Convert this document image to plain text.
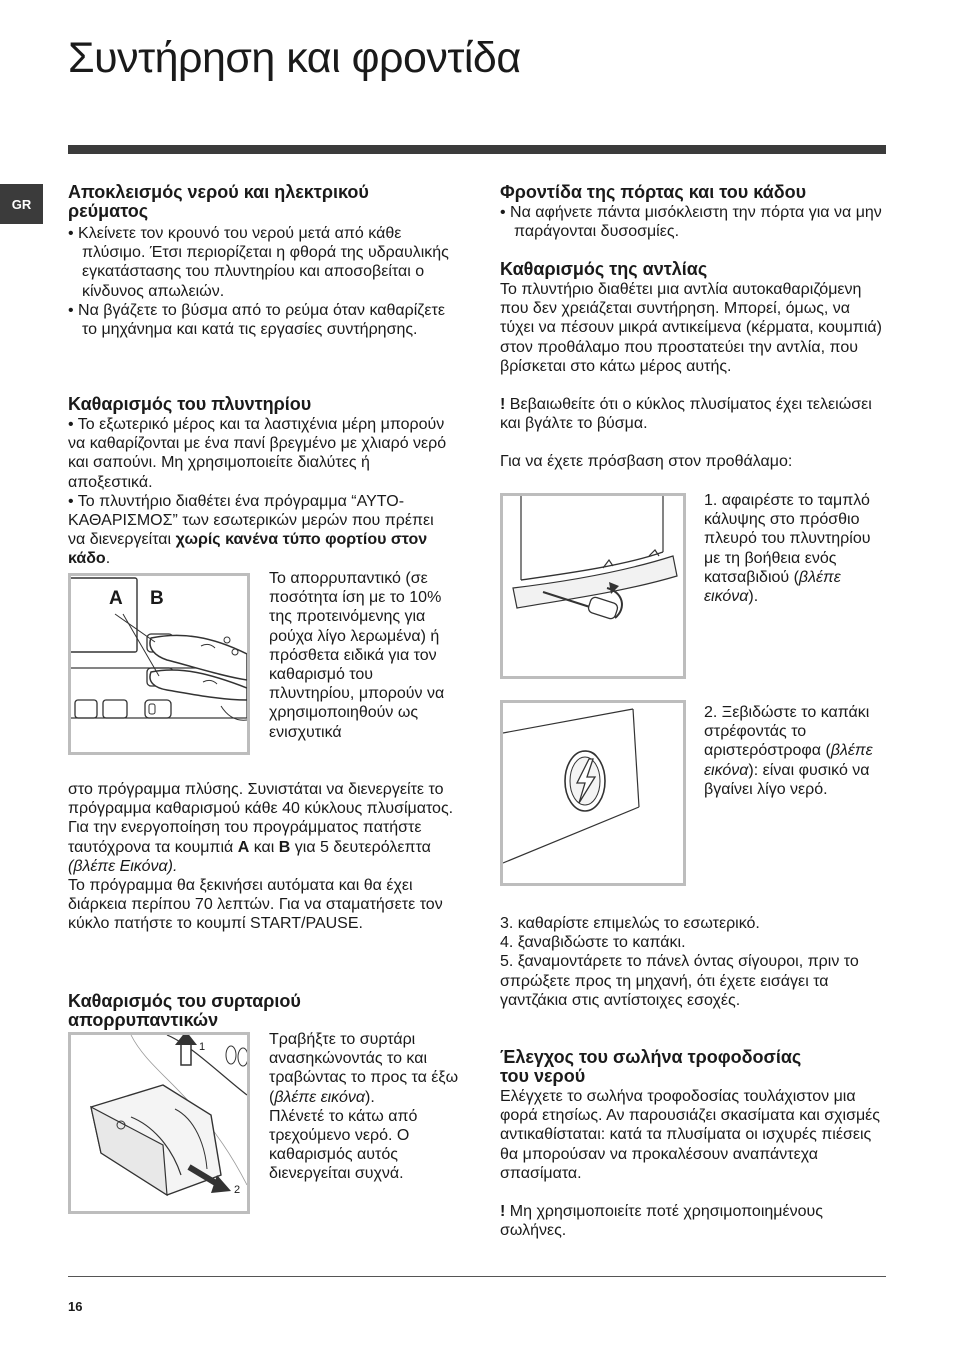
Συντήρηση και φροντίδα
GR

Αποκλεισμός νερού και ηλεκτρικού
ρεύματος

• Κλείνετε τον κρουνό του νερού μετά από κάθε πλύσιμο. Έτσι περιορίζεται η φθορά της υδραυλικής εγκατάστασης του πλυντηρίου και αποσοβείται ο κίνδυνος απωλειών.

• Να βγάζετε το βύσμα από το ρεύμα όταν καθαρίζετε το μηχάνημα και κατά τις εργασίες συντήρησης.

Καθαρισμός του πλυντηρίου

• Το εξωτερικό μέρος και τα λαστιχένια μέρη μπορούν να καθαρίζονται με ένα πανί βρεγμένο με χλιαρό νερό και σαπούνι. Μη χρησιμοποιείτε διαλύτες ή αποξεστικά.

• Το πλυντήριο διαθέτει ένα πρόγραμμα “ΑΥΤΟ-ΚΑΘΑΡΙΣΜΟΣ” των εσωτερικών μερών που πρέπει να διενεργείται χωρίς κανένα τύπο φορτίου στον κάδο.

A B

Το απορρυπαντικό (σε ποσότητα ίση με το 10% της προτεινόμενης για ρούχα λίγο λερωμένα) ή πρόσθετα ειδικά για τον καθαρισμό του πλυντηρίου, μπορούν να χρησιμοποιηθούν ως ενισχυτικά

στο πρόγραμμα πλύσης. Συνιστάται να διενεργείτε το πρόγραμμα καθαρισμού κάθε 40 κύκλους πλυσίματος.

Για την ενεργοποίηση του προγράμματος πατήστε ταυτόχρονα τα κουμπιά A και B για 5 δευτερόλεπτα (βλέπε Εικόνα).

Το πρόγραμμα θα ξεκινήσει αυτόματα και θα έχει διάρκεια περίπου 70 λεπτών. Για να σταματήσετε τον κύκλο πατήστε το κουμπί START/PAUSE.

Καθαρισμός του συρταριού
απορρυπαντικών

1
2

Τραβήξτε το συρτάρι ανασηκώνοντάς το και τραβώντας το προς τα έξω (βλέπε εικόνα).

Πλένετέ το κάτω από τρεχούμενο νερό. Ο καθαρισμός αυτός διενεργείται συχνά.

Φροντίδα της πόρτας και του κάδου

• Να αφήνετε πάντα μισόκλειστη την πόρτα για να μην παράγονται δυσοσμίες.

Καθαρισμός της αντλίας

Το πλυντήριο διαθέτει μια αντλία αυτοκαθαριζόμενη που δεν χρειάζεται συντήρηση. Μπορεί, όμως, να τύχει να πέσουν μικρά αντικείμενα (κέρματα, κουμπιά) στον προθάλαμο που προστατεύει την αντλία, που βρίσκεται στο κάτω μέρος αυτής.

! Βεβαιωθείτε ότι ο κύκλος πλυσίματος έχει τελειώσει και βγάλτε το βύσμα.

Για να έχετε πρόσβαση στον προθάλαμο:

1. αφαιρέστε το ταμπλό κάλυψης στο πρόσθιο πλευρό του πλυντηρίου με τη βοήθεια ενός κατσαβιδιού (βλέπε εικόνα).

2. Ξεβιδώστε το καπάκι στρέφοντάς το αριστερόστροφα (βλέπε εικόνα): είναι φυσικό να βγαίνει λίγο νερό.

3. καθαρίστε επιμελώς το εσωτερικό.

4. ξαναβιδώστε το καπάκι.

5. ξαναμοντάρετε το πάνελ όντας σίγουροι, πριν το σπρώξετε προς τη μηχανή, ότι έχετε εισάγει τα γαντζάκια στις αντίστοιχες εσοχές.

Έλεγχος του σωλήνα τροφοδοσίας
του νερού

Ελέγχετε το σωλήνα τροφοδοσίας τουλάχιστον μια φορά ετησίως. Αν παρουσιάζει σκασίματα και σχισμές αντικαθίσταται: κατά τα πλυσίματα οι ισχυρές πιέσεις θα μπορούσαν να προκαλέσουν αναπάντεχα σπασίματα.

! Μη χρησιμοποιείτε ποτέ χρησιμοποιημένους σωλήνες.

16
